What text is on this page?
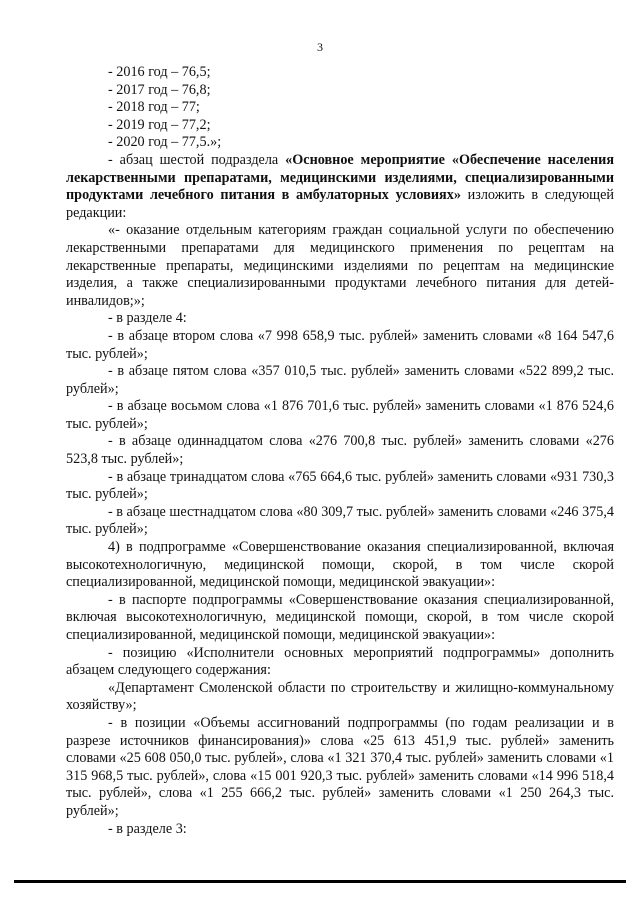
3

- 2016 год – 76,5;

- 2017 год – 76,8;

- 2018 год – 77;

- 2019 год – 77,2;

- 2020 год – 77,5.»;

- абзац шестой подраздела «Основное мероприятие «Обеспечение населения лекарственными препаратами, медицинскими изделиями, специализированными продуктами лечебного питания в амбулаторных условиях» изложить в следующей редакции:

«- оказание отдельным категориям граждан социальной услуги по обеспечению лекарственными препаратами для медицинского применения по рецептам на лекарственные препараты, медицинскими изделиями по рецептам на медицинские изделия, а также специализированными продуктами лечебного питания для детей-инвалидов;»;

- в разделе 4:

- в абзаце втором слова «7 998 658,9 тыс. рублей» заменить словами «8 164 547,6 тыс. рублей»;

- в абзаце пятом слова «357 010,5 тыс. рублей» заменить словами «522 899,2 тыс. рублей»;

- в абзаце восьмом слова «1 876 701,6 тыс. рублей» заменить словами «1 876 524,6 тыс. рублей»;

- в абзаце одиннадцатом слова «276 700,8 тыс. рублей» заменить словами «276 523,8 тыс. рублей»;

- в абзаце тринадцатом слова «765 664,6 тыс. рублей» заменить словами «931 730,3 тыс. рублей»;

- в абзаце шестнадцатом слова «80 309,7 тыс. рублей» заменить словами «246 375,4 тыс. рублей»;

4) в подпрограмме «Совершенствование оказания специализированной, включая высокотехнологичную, медицинской помощи, скорой, в том числе скорой специализированной, медицинской помощи, медицинской эвакуации»:

- в паспорте подпрограммы «Совершенствование оказания специализированной, включая высокотехнологичную, медицинской помощи, скорой, в том числе скорой специализированной, медицинской помощи, медицинской эвакуации»:

- позицию «Исполнители основных мероприятий подпрограммы» дополнить абзацем следующего содержания:

«Департамент Смоленской области по строительству и жилищно-коммунальному хозяйству»;

- в позиции «Объемы ассигнований подпрограммы (по годам реализации и в разрезе источников финансирования)» слова «25 613 451,9 тыс. рублей» заменить словами «25 608 050,0 тыс. рублей», слова «1 321 370,4 тыс. рублей» заменить словами «1 315 968,5 тыс. рублей», слова «15 001 920,3 тыс. рублей» заменить словами «14 996 518,4 тыс. рублей», слова «1 255 666,2 тыс. рублей» заменить словами «1 250 264,3 тыс. рублей»;

- в разделе 3:
